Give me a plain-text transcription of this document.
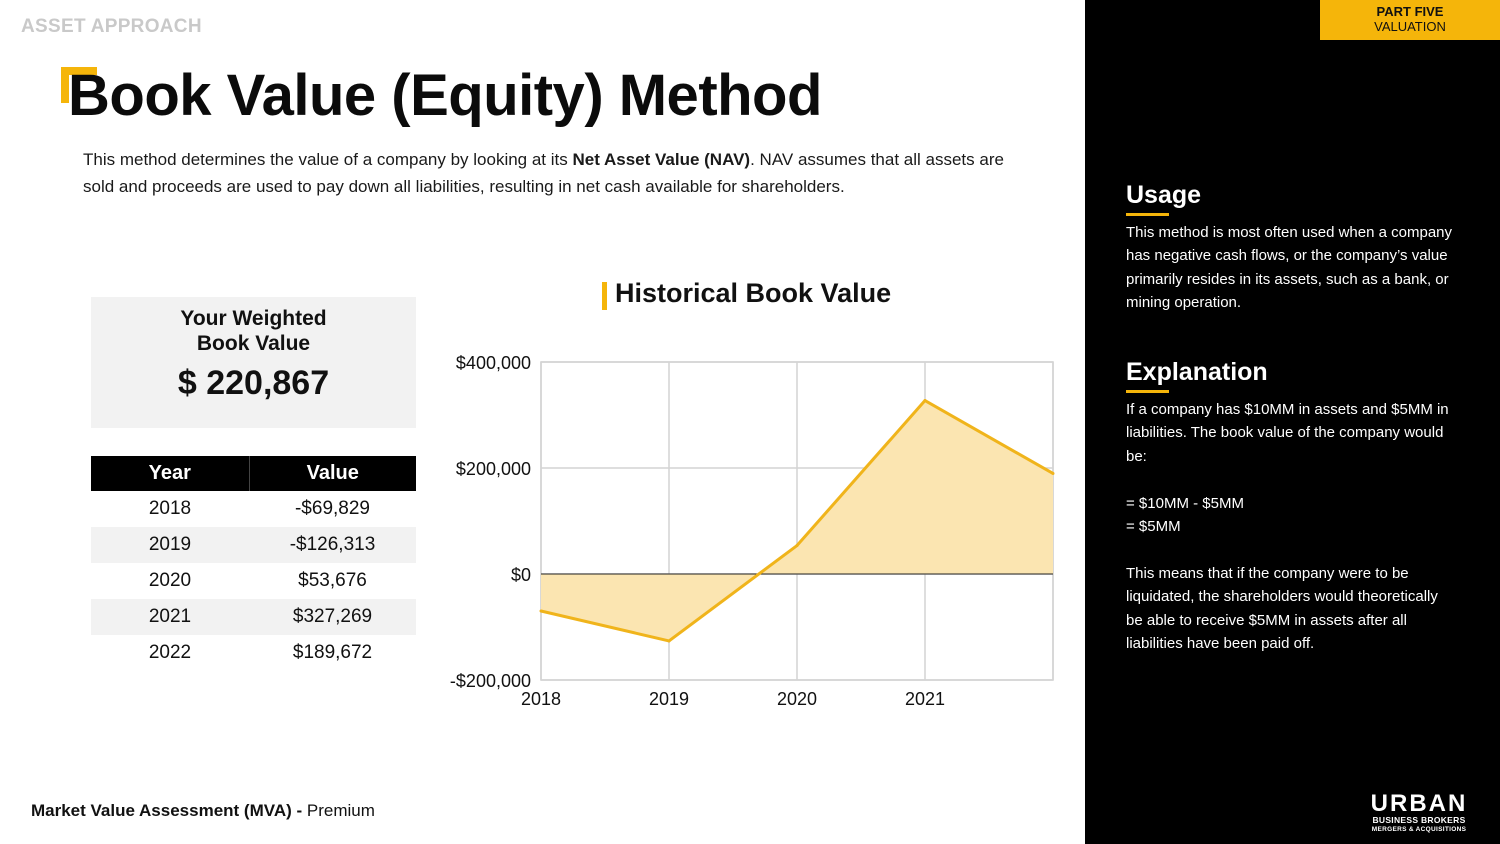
ASSET APPROACH
Book Value (Equity) Method

This method determines the value of a company by looking at its Net Asset Value (NAV). NAV assumes that all assets are sold and proceeds are used to pay down all liabilities, resulting in net cash available for shareholders.

Your Weighted
Book Value
$ 220,867
Year	Value
2018	-$69,829
2019	-$126,313
2020	$53,676
2021	$327,269
2022	$189,672
Historical Book Value
-$200,000
$0
$200,000
$400,000
2018	2019	2020	2021
Market Value Assessment (MVA) - Premium
PART FIVE
VALUATION
Usage
This method is most often used when a company has negative cash flows, or the company’s value primarily resides in its assets, such as a bank, or mining operation.
Explanation
If a company has $10MM in assets and $5MM in liabilities. The book value of the company would be:
= $10MM - $5MM
= $5MM
This means that if the company were to be liquidated, the shareholders would theoretically be able to receive $5MM in assets after all liabilities have been paid off.
URBAN
BUSINESS BROKERS
MERGERS & ACQUISITIONS
